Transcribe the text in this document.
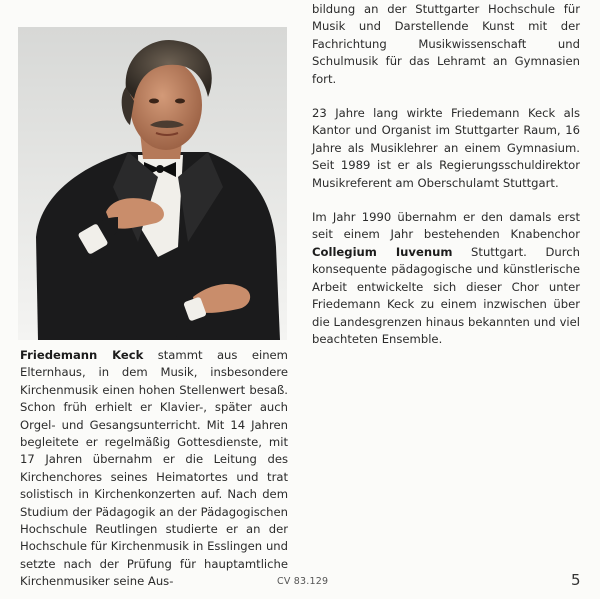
Friedemann Keck stammt aus einem Elternhaus, in dem Musik, insbesondere Kirchenmusik einen hohen Stellenwert besaß. Schon früh erhielt er Klavier-, später auch Orgel- und Gesangsunterricht. Mit 14 Jahren begleitete er regelmäßig Gottesdienste, mit 17 Jahren übernahm er die Leitung des Kirchenchores seines Heimatortes und trat solistisch in Kirchenkonzerten auf. Nach dem Studium der Pädagogik an der Pädagogischen Hochschule Reutlingen studierte er an der Hochschule für Kirchenmusik in Esslingen und setzte nach der Prüfung für hauptamtliche Kirchenmusiker seine Aus-

bildung an der Stuttgarter Hochschule für Musik und Darstellende Kunst mit der Fachrichtung Musikwissenschaft und Schulmusik für das Lehramt an Gymnasien fort.

23 Jahre lang wirkte Friedemann Keck als Kantor und Organist im Stuttgarter Raum, 16 Jahre als Musiklehrer an einem Gymnasium. Seit 1989 ist er als Regierungsschuldirektor Musikreferent am Oberschulamt Stuttgart.

Im Jahr 1990 übernahm er den damals erst seit einem Jahr bestehenden Knabenchor Collegium Iuvenum Stuttgart. Durch konsequente pädagogische und künstlerische Arbeit entwickelte sich dieser Chor unter Friedemann Keck zu einem inzwischen über die Landesgrenzen hinaus bekannten und viel beachteten Ensemble.

CV 83.129	5
